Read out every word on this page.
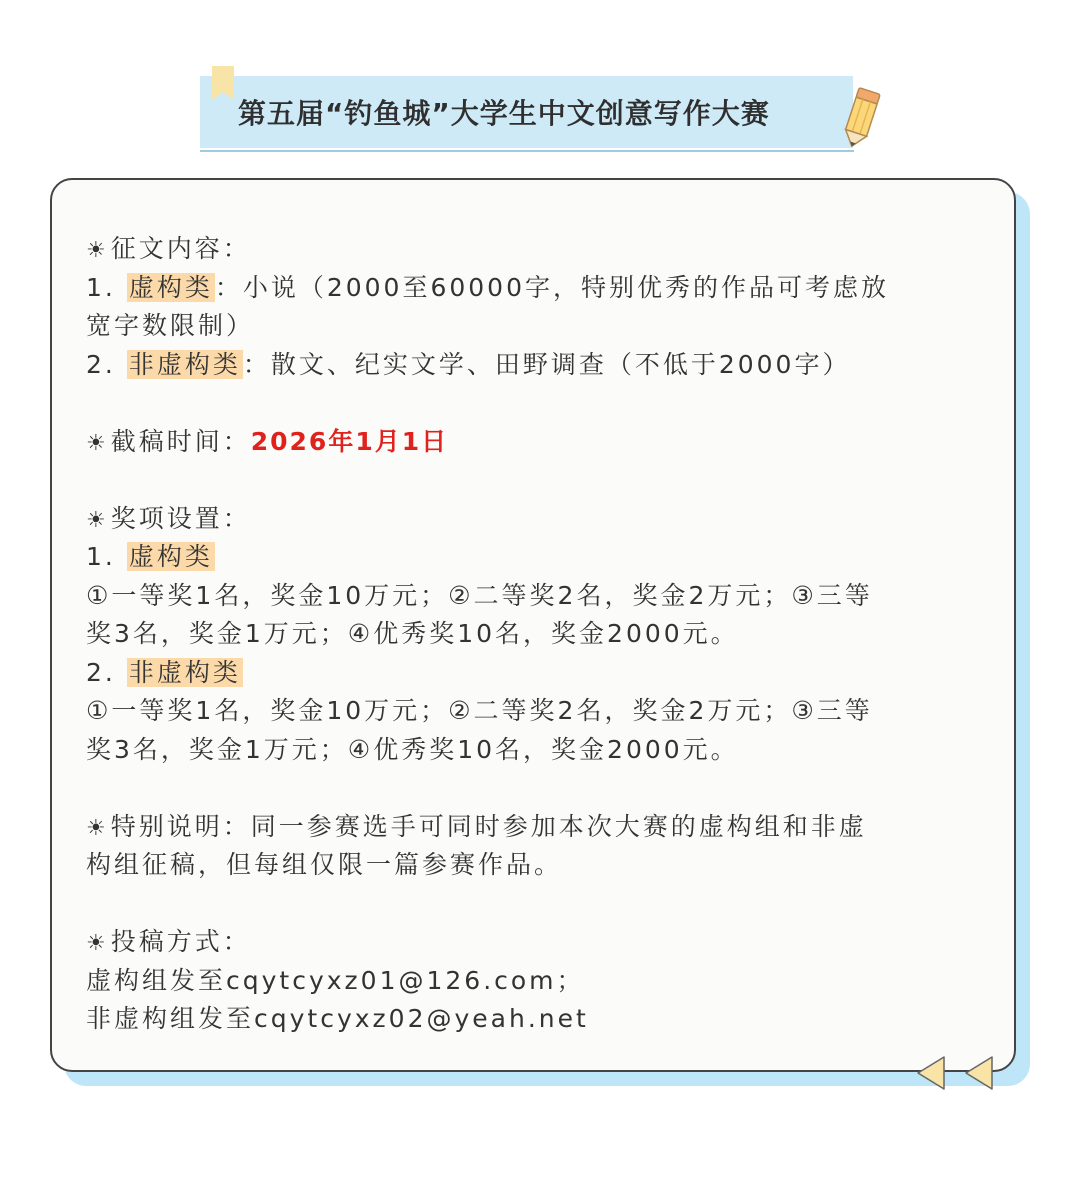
第五届“钓鱼城”大学生中文创意写作大赛
☀征文内容：
1. 虚构类：小说（2000至60000字，特别优秀的作品可考虑放
宽字数限制）
2. 非虚构类：散文、纪实文学、田野调查（不低于2000字）
☀截稿时间：2026年1月1日
☀奖项设置：
1. 虚构类
①一等奖1名，奖金10万元；②二等奖2名，奖金2万元；③三等
奖3名，奖金1万元；④优秀奖10名，奖金2000元。
2. 非虚构类
①一等奖1名，奖金10万元；②二等奖2名，奖金2万元；③三等
奖3名，奖金1万元；④优秀奖10名，奖金2000元。
☀特别说明：同一参赛选手可同时参加本次大赛的虚构组和非虚
构组征稿，但每组仅限一篇参赛作品。
☀投稿方式：
虚构组发至cqytcyxz01@126.com；
非虚构组发至cqytcyxz02@yeah.net
